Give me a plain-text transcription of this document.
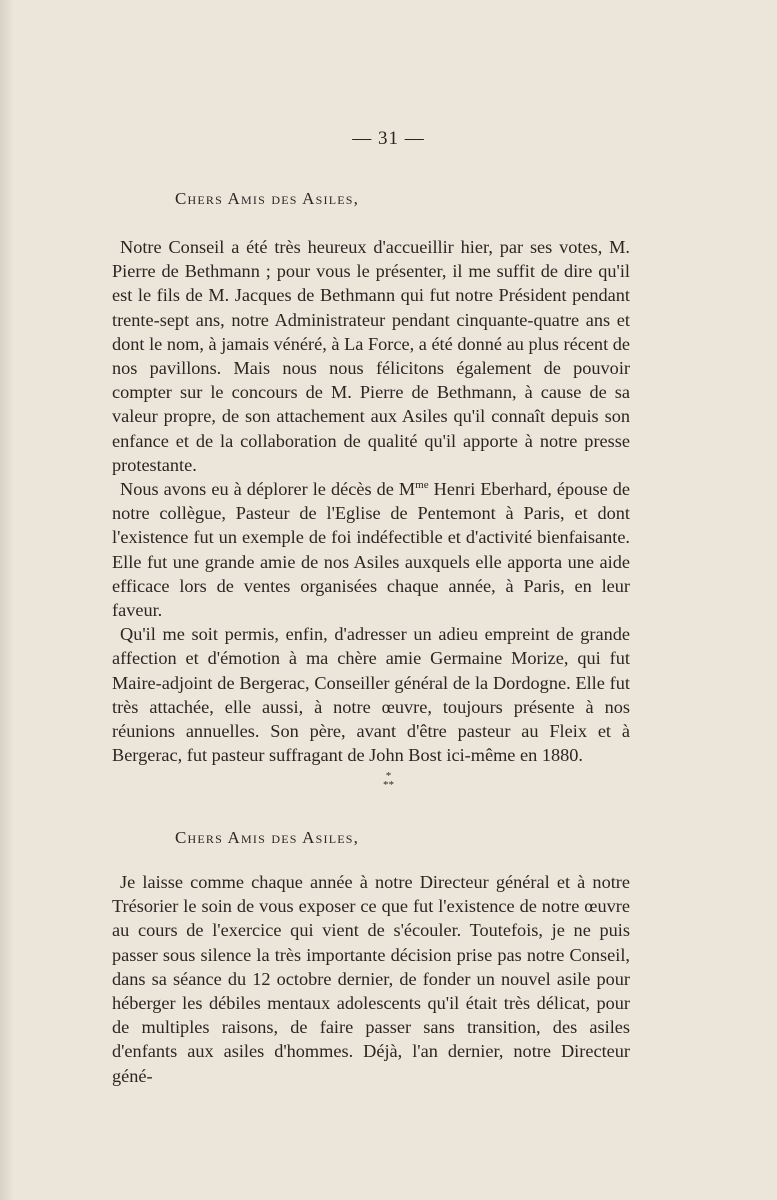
— 31 —
Chers Amis des Asiles,

Notre Conseil a été très heureux d'accueillir hier, par ses votes, M. Pierre de Bethmann ; pour vous le présenter, il me suffit de dire qu'il est le fils de M. Jacques de Bethmann qui fut notre Président pendant trente-sept ans, notre Administrateur pendant cinquante-quatre ans et dont le nom, à jamais vénéré, à La Force, a été donné au plus récent de nos pavillons. Mais nous nous félicitons également de pouvoir compter sur le concours de M. Pierre de Bethmann, à cause de sa valeur propre, de son attachement aux Asiles qu'il connaît depuis son enfance et de la collaboration de qualité qu'il apporte à notre presse protestante.

Nous avons eu à déplorer le décès de $M^{me}$ Henri Eberhard, épouse de notre collègue, Pasteur de l'Eglise de Pentemont à Paris, et dont l'existence fut un exemple de foi indéfectible et d'activité bienfaisante. Elle fut une grande amie de nos Asiles auxquels elle apporta une aide efficace lors de ventes organisées chaque année, à Paris, en leur faveur.

Qu'il me soit permis, enfin, d'adresser un adieu empreint de grande affection et d'émotion à ma chère amie Germaine Morize, qui fut Maire-adjoint de Bergerac, Conseiller général de la Dordogne. Elle fut très attachée, elle aussi, à notre œuvre, toujours présente à nos réunions annuelles. Son père, avant d'être pasteur au Fleix et à Bergerac, fut pasteur suffragant de John Bost ici-même en 1880.

*
**
Chers Amis des Asiles,

Je laisse comme chaque année à notre Directeur général et à notre Trésorier le soin de vous exposer ce que fut l'existence de notre œuvre au cours de l'exercice qui vient de s'écouler. Toutefois, je ne puis passer sous silence la très importante décision prise pas notre Conseil, dans sa séance du 12 octobre dernier, de fonder un nouvel asile pour héberger les débiles mentaux adolescents qu'il était très délicat, pour de multiples raisons, de faire passer sans transition, des asiles d'enfants aux asiles d'hommes. Déjà, l'an dernier, notre Directeur géné-
